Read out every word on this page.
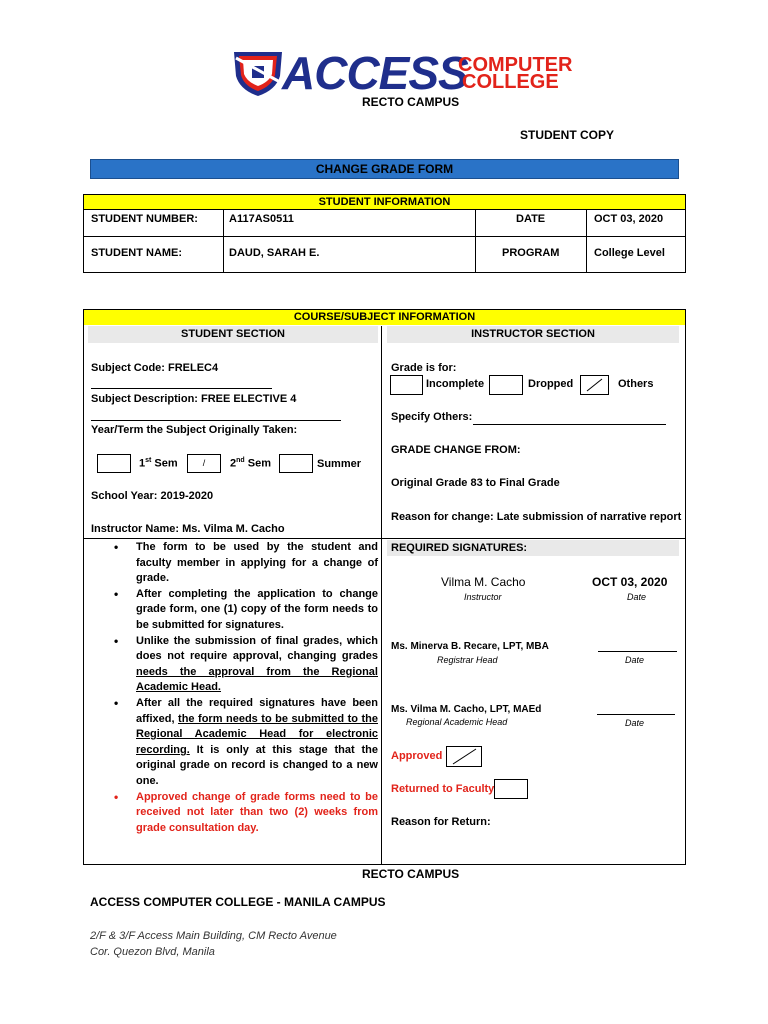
ACCESS
COMPUTER
COLLEGE
RECTO CAMPUS
STUDENT COPY
CHANGE GRADE FORM
STUDENT INFORMATION
STUDENT NUMBER:	A117AS0511	DATE	OCT 03, 2020
STUDENT NAME:	DAUD, SARAH E.	PROGRAM	College Level
COURSE/SUBJECT INFORMATION
STUDENT SECTION	INSTRUCTOR SECTION
Subject Code: FRELEC4
Subject Description: FREE ELECTIVE 4
Year/Term the Subject Originally Taken:
1st Sem	/	2nd Sem	Summer
School Year: 2019-2020
Instructor Name: Ms. Vilma M. Cacho
Grade is for:
Incomplete	Dropped	Others
Specify Others:
GRADE CHANGE FROM:
Original Grade 83 to Final Grade
Reason for change: Late submission of narrative report
• The form to be used by the student and faculty member in applying for a change of grade.
• After completing the application to change grade form, one (1) copy of the form needs to be submitted for signatures.
• Unlike the submission of final grades, which does not require approval, changing grades needs the approval from the Regional Academic Head.
• After all the required signatures have been affixed, the form needs to be submitted to the Regional Academic Head for electronic recording. It is only at this stage that the original grade on record is changed to a new one.
• Approved change of grade forms need to be received not later than two (2) weeks from grade consultation day.
REQUIRED SIGNATURES:
Vilma M. Cacho
Instructor
OCT 03, 2020
Date
Ms. Minerva B. Recare, LPT, MBA
Registrar Head	Date
Ms. Vilma M. Cacho, LPT, MAEd
Regional Academic Head	Date
Approved
Returned to Faculty
Reason for Return:
RECTO CAMPUS
ACCESS COMPUTER COLLEGE - MANILA CAMPUS
2/F & 3/F Access Main Building, CM Recto Avenue
Cor. Quezon Blvd, Manila
